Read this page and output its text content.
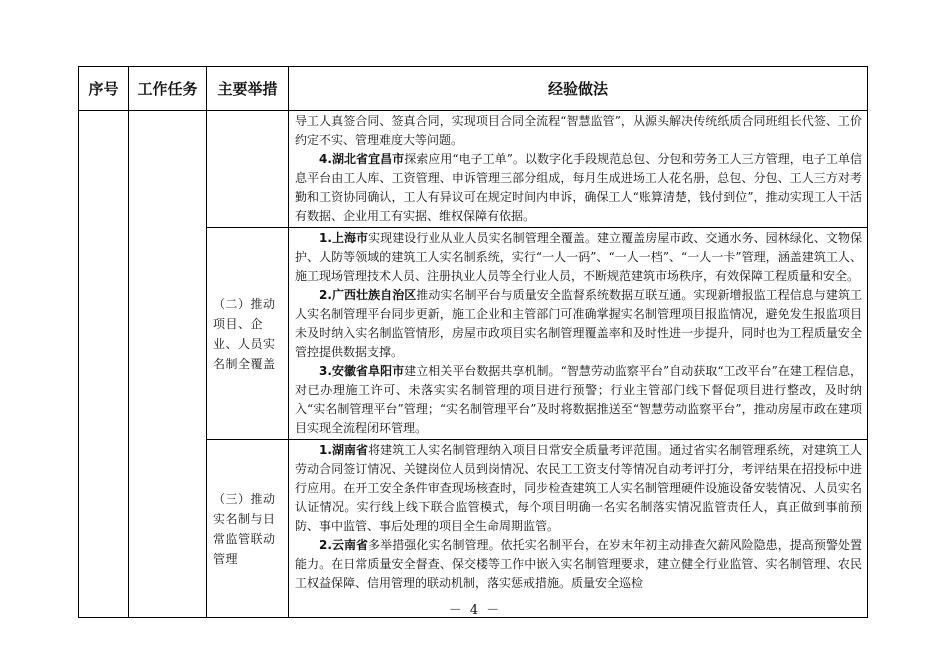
序号	工作任务	主要举措	经验做法

			导工人真签合同、签真合同，实现项目合同全流程“智慧监管”，从源头解决传统纸质合同班组长代签、工价约定不实、管理难度大等问题。

4.湖北省宜昌市探索应用“电子工单”。以数字化手段规范总包、分包和劳务工人三方管理，电子工单信息平台由工人库、工资管理、申诉管理三部分组成，每月生成进场工人花名册，总包、分包、工人三方对考勤和工资协同确认，工人有异议可在规定时间内申诉，确保工人“账算清楚，钱付到位”，推动实现工人干活有数据、企业用工有实据、维权保障有依据。

		（二）推动项目、企业、人员实名制全覆盖	1.上海市实现建设行业从业人员实名制管理全覆盖。建立覆盖房屋市政、交通水务、园林绿化、文物保护、人防等领域的建筑工人实名制系统，实行“一人一码”、“一人一档”、“一人一卡”管理，涵盖建筑工人、施工现场管理技术人员、注册执业人员等全行业人员，不断规范建筑市场秩序，有效保障工程质量和安全。

2.广西壮族自治区推动实名制平台与质量安全监督系统数据互联互通。实现新增报监工程信息与建筑工人实名制管理平台同步更新，施工企业和主管部门可准确掌握实名制管理项目报监情况，避免发生报监项目未及时纳入实名制监管情形，房屋市政项目实名制管理覆盖率和及时性进一步提升，同时也为工程质量安全管控提供数据支撑。

3.安徽省阜阳市建立相关平台数据共享机制。“智慧劳动监察平台”自动获取“工改平台”在建工程信息，对已办理施工许可、未落实实名制管理的项目进行预警；行业主管部门线下督促项目进行整改，及时纳入“实名制管理平台”管理；“实名制管理平台”及时将数据推送至“智慧劳动监察平台”，推动房屋市政在建项目实现全流程闭环管理。

		（三）推动实名制与日常监管联动管理	1.湖南省将建筑工人实名制管理纳入项目日常安全质量考评范围。通过省实名制管理系统，对建筑工人劳动合同签订情况、关键岗位人员到岗情况、农民工工资支付等情况自动考评打分，考评结果在招投标中进行应用。在开工安全条件审查现场核查时，同步检查建筑工人实名制管理硬件设施设备安装情况、人员实名认证情况。实行线上线下联合监管模式，每个项目明确一名实名制落实情况监管责任人，真正做到事前预防、事中监管、事后处理的项目全生命周期监管。

2.云南省多举措强化实名制管理。依托实名制平台，在岁末年初主动排查欠薪风险隐患，提高预警处置能力。在日常质量安全督查、保交楼等工作中嵌入实名制管理要求，建立健全行业监管、实名制管理、农民工权益保障、信用管理的联动机制，落实惩戒措施。质量安全巡检

－ 4 －
